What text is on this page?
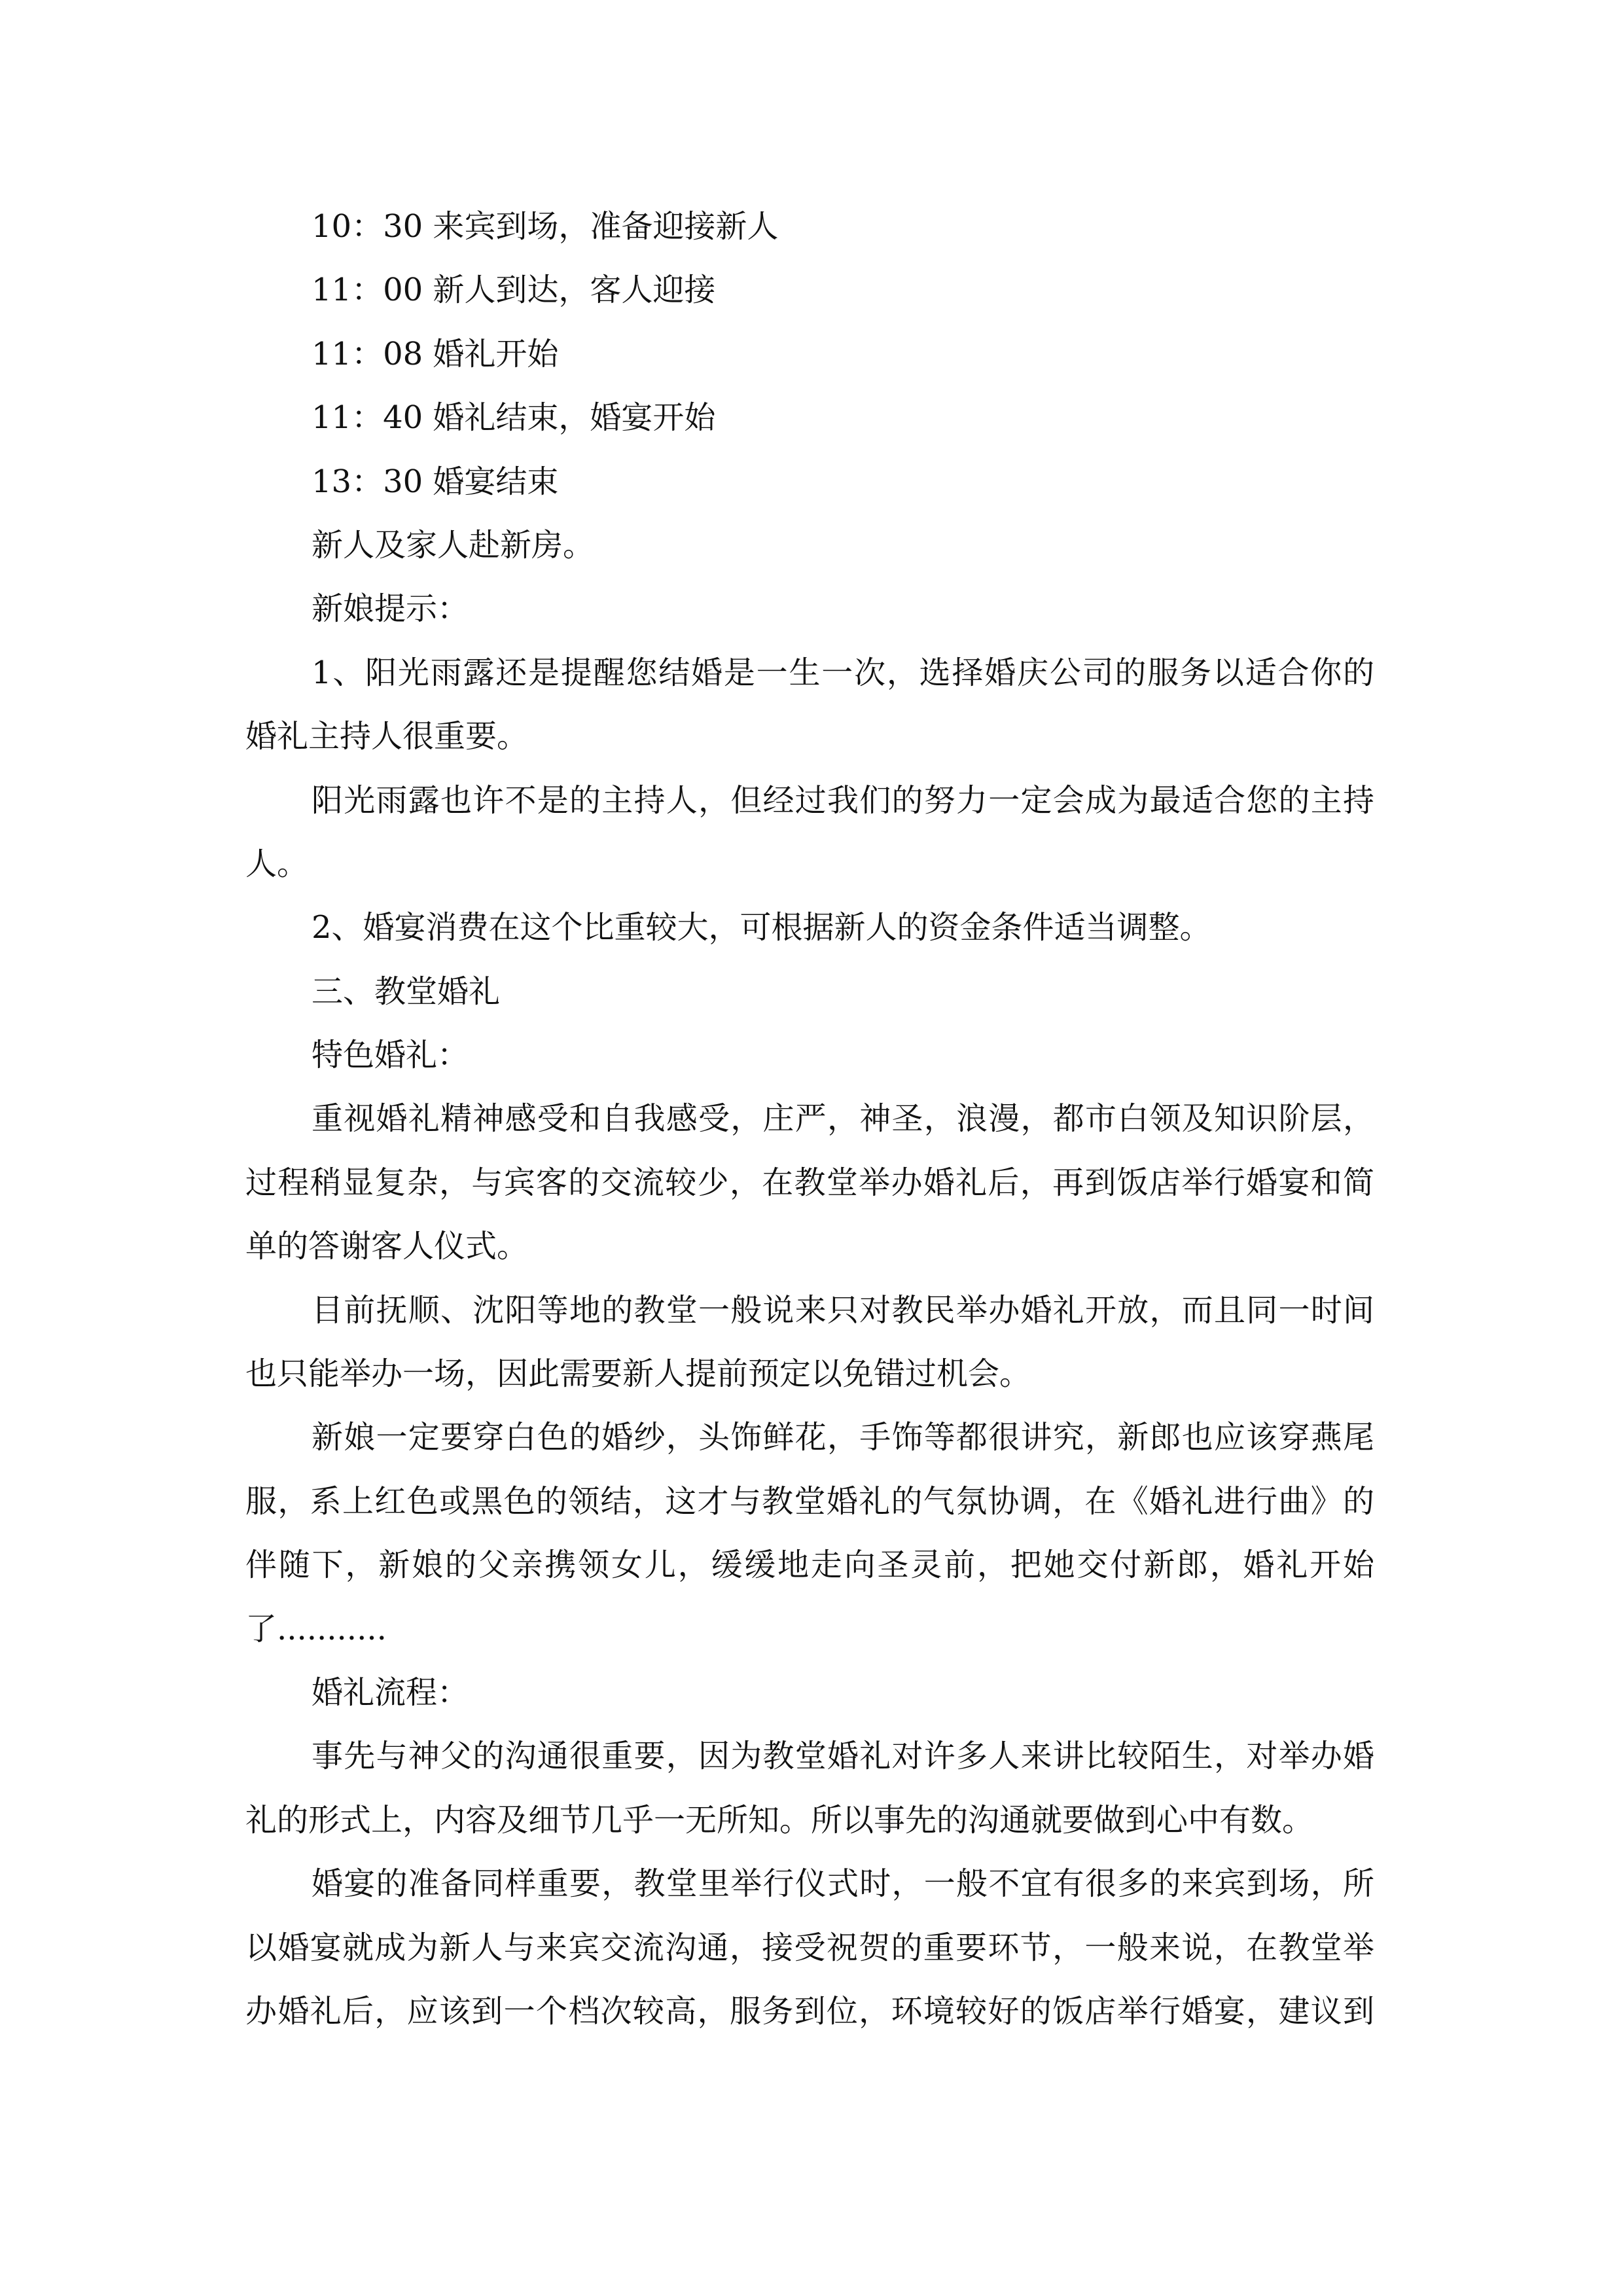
10：30 来宾到场，准备迎接新人
11：00 新人到达，客人迎接
11：08 婚礼开始
11：40 婚礼结束，婚宴开始
13：30 婚宴结束
新人及家人赴新房。
新娘提示：
1、阳光雨露还是提醒您结婚是一生一次，选择婚庆公司的服务以适合你的
婚礼主持人很重要。
阳光雨露也许不是的主持人，但经过我们的努力一定会成为最适合您的主持
人。
2、婚宴消费在这个比重较大，可根据新人的资金条件适当调整。
三、教堂婚礼
特色婚礼：
重视婚礼精神感受和自我感受，庄严，神圣，浪漫，都市白领及知识阶层，
过程稍显复杂，与宾客的交流较少，在教堂举办婚礼后，再到饭店举行婚宴和简
单的答谢客人仪式。
目前抚顺、沈阳等地的教堂一般说来只对教民举办婚礼开放，而且同一时间
也只能举办一场，因此需要新人提前预定以免错过机会。
新娘一定要穿白色的婚纱，头饰鲜花，手饰等都很讲究，新郎也应该穿燕尾
服，系上红色或黑色的领结，这才与教堂婚礼的气氛协调，在《婚礼进行曲》的
伴随下，新娘的父亲携领女儿，缓缓地走向圣灵前，把她交付新郎，婚礼开始
了...........
婚礼流程：
事先与神父的沟通很重要，因为教堂婚礼对许多人来讲比较陌生，对举办婚
礼的形式上，内容及细节几乎一无所知。所以事先的沟通就要做到心中有数。
婚宴的准备同样重要，教堂里举行仪式时，一般不宜有很多的来宾到场，所
以婚宴就成为新人与来宾交流沟通，接受祝贺的重要环节，一般来说，在教堂举
办婚礼后，应该到一个档次较高，服务到位，环境较好的饭店举行婚宴，建议到
